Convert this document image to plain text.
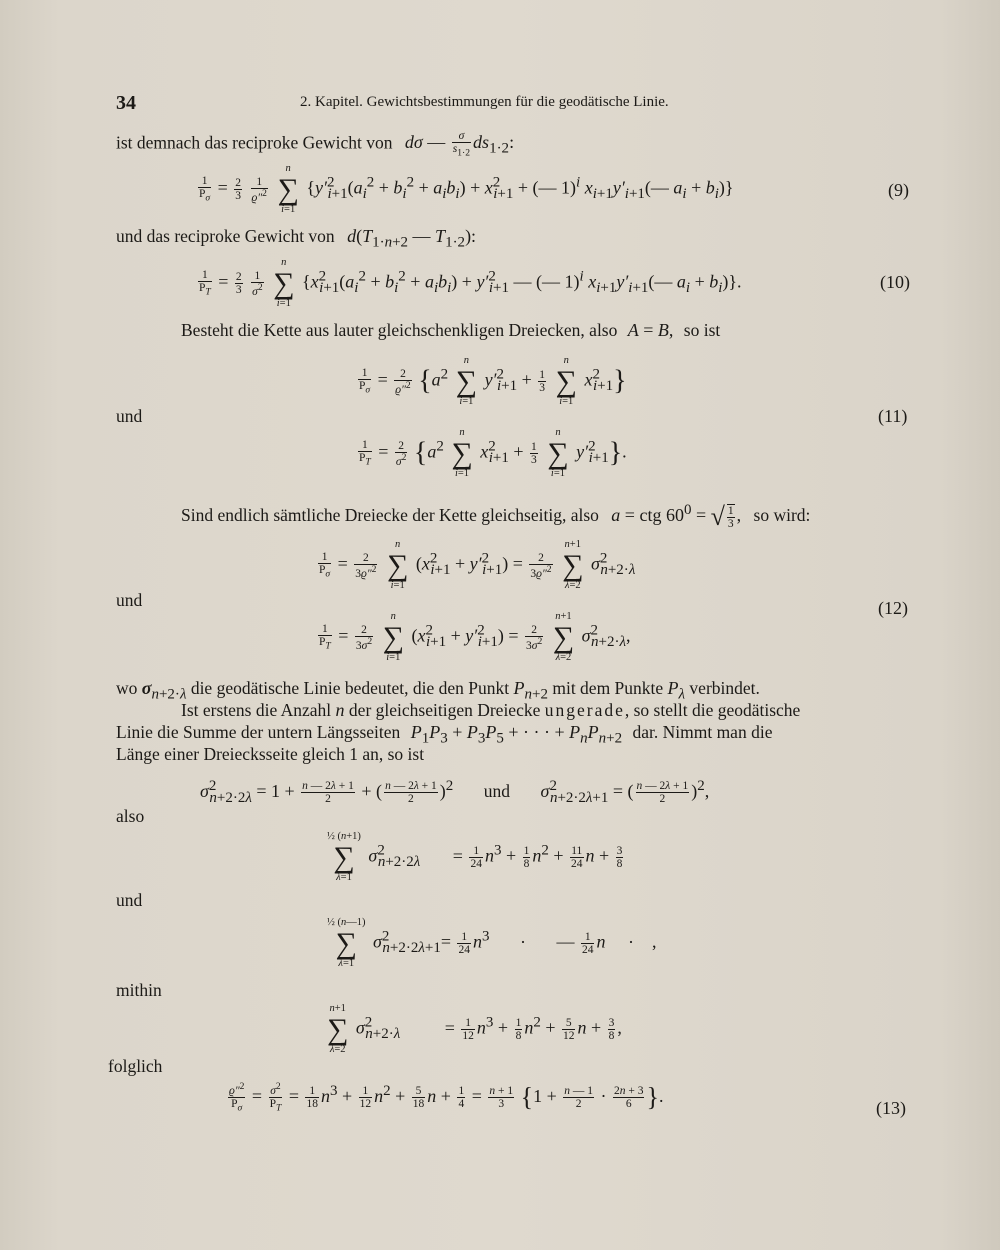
34	2. Kapitel. Gewichtsbestimmungen für die geodätische Linie.
ist demnach das reciproke Gewicht von dσ — $\frac{\sigma}{s_{1\cdot 2}} ds_{1\cdot 2}$:
$\frac{1}{P_\sigma} = \frac{2}{3}$
$\frac{1}{ϱ''^2}$

n
∑
i=1
{$y'^2_{i+1}(a_i^2 + b_i^2 + a_ib_i) + x^2_{i+1}$ + (— 1)$^i$ $x_{i+1}y'_{i+1}(—$ $a_i + b_i$)}	(9)
und das reciproke Gewicht von $d(T_{1\cdot n+2}$ — $T_{1\cdot 2}$):
$\frac{1}{P_T} = \frac{2}{3}$
$\frac{1}{\sigma^2}$

n
∑
i=1
{$x^2_{i+1}(a_i^2 + b_i^2 + a_ib_i) + y'^2_{i+1}$ — (— 1)$^i$ $x_{i+1}y'_{i+1}(—$ $a_i + b_i$)}.	(10)
Besteht die Kette aus lauter gleichschenkligen Dreiecken, also A = B, so ist
$\frac{1}{P_\sigma} = \frac{2}{ϱ''^2} \{a^2$
n
∑
i=1
$y'^2_{i+1} + \frac{1}{3}$

n
∑
i=1
$x^2_{i+1}$}
und	(11)
$\frac{1}{P_T} = \frac{2}{\sigma^2} \{a^2$
n
∑
i=1
$x^2_{i+1} + \frac{1}{3}$

n
∑
i=1
$y'^2_{i+1}$}.
Sind endlich sämtliche Dreiecke der Kette gleichseitig, also a = ctg $60^0$ = √ $\frac{1}{3}$ , so wird:
$\frac{1}{P_\sigma} = \frac{2}{3ϱ''^2}$

n
∑
i=1
$(x^2_{i+1} + y'^2_{i+1}) = \frac{2}{3ϱ''^2}$

n+1
∑
λ=2
$\sigma^2_{n+2\cdot\lambda}$
und	(12)
$\frac{1}{P_T} = \frac{2}{3\sigma^2}$

n
∑
i=1
$(x^2_{i+1} + y'^2_{i+1}) = \frac{2}{3\sigma^2}$

n+1
∑
λ=2
$\sigma^2_{n+2\cdot\lambda}$,
wo $\sigma_{n+2\cdot\lambda}$ die geodätische Linie bedeutet, die den Punkt $P_{n+2}$ mit dem Punkte $P_\lambda$ verbindet.
Ist erstens die Anzahl n der gleichseitigen Dreiecke ungerade, so stellt die geodätische
Linie die Summe der untern Längsseiten $P_1P_3 + P_3P_5$ + · · · + $P_nP_{n+2}$ dar. Nimmt man die
Länge einer Dreiecksseite gleich 1 an, so ist
$\sigma^2_{n+2\cdot 2\lambda} = 1 + \frac{n — 2\lambda + 1}{2}$ + ( $\frac{n — 2\lambda + 1}{2} )^2$ und $\sigma^2_{n+2\cdot 2\lambda+1}$ = ( $\frac{n — 2\lambda + 1}{2} )^2$,
also
½ (n+1)
∑
λ=1
$\sigma^2_{n+2\cdot 2\lambda} = \frac{1}{24} n^3 + \frac{1}{8} n^2 + \frac{11}{24}$ $n + \frac{3}{8}$
und
½ (n—1)
∑
λ=1
$\sigma^2_{n+2\cdot 2\lambda+1}= \frac{1}{24} n^3$ · — $\frac{1}{24}$ n · ,
mithin
n+1
∑
λ=2
$\sigma^2_{n+2\cdot\lambda} = \frac{1}{12} n^3 + \frac{1}{8} n^2 + \frac{5}{12}$ $n + \frac{3}{8}$ ,
folglich
$\frac{ϱ''^2}{P_\sigma} = \frac{\sigma^2}{P_T} = \frac{1}{18} n^3 + \frac{1}{12} n^2 + \frac{5}{18}$ $n + \frac{1}{4} = \frac{n + 1}{3} \{1 + \frac{n — 1}{2} \cdot \frac{2n + 3}{6}$ }.
(13)
